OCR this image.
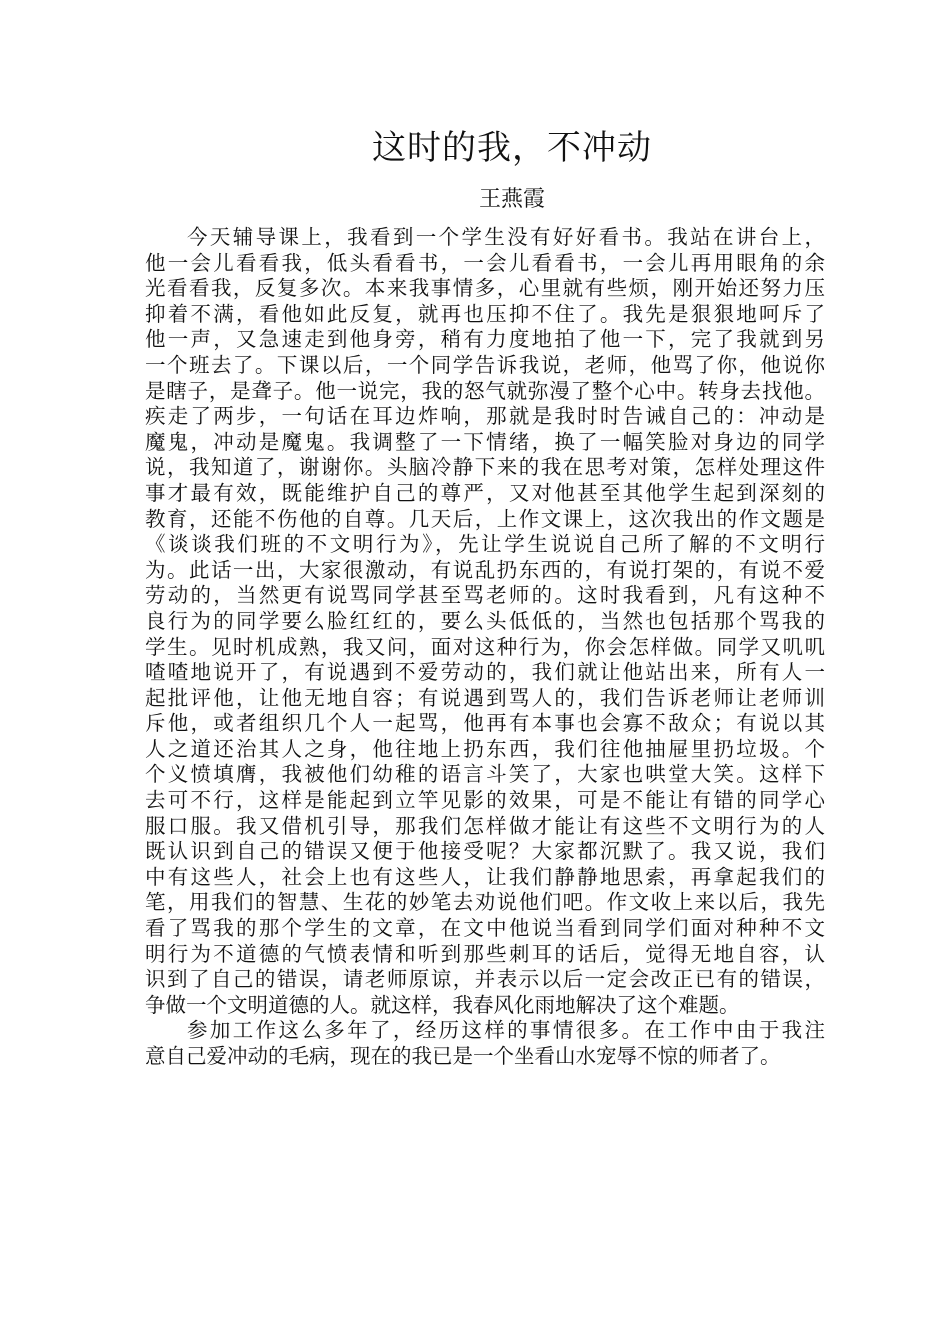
这时的我，不冲动
王燕霞
今天辅导课上，我看到一个学生没有好好看书。我站在讲台上，
他一会儿看看我，低头看看书，一会儿看看书，一会儿再用眼角的余
光看看我，反复多次。本来我事情多，心里就有些烦，刚开始还努力压
抑着不满，看他如此反复，就再也压抑不住了。我先是狠狠地呵斥了
他一声，又急速走到他身旁，稍有力度地拍了他一下，完了我就到另
一个班去了。下课以后，一个同学告诉我说，老师，他骂了你，他说你
是瞎子，是聋子。他一说完，我的怒气就弥漫了整个心中。转身去找他。
疾走了两步，一句话在耳边炸响，那就是我时时告诫自己的：冲动是
魔鬼，冲动是魔鬼。我调整了一下情绪，换了一幅笑脸对身边的同学
说，我知道了，谢谢你。头脑冷静下来的我在思考对策，怎样处理这件
事才最有效，既能维护自己的尊严，又对他甚至其他学生起到深刻的
教育，还能不伤他的自尊。几天后，上作文课上，这次我出的作文题是
《谈谈我们班的不文明行为》，先让学生说说自己所了解的不文明行
为。此话一出，大家很激动，有说乱扔东西的，有说打架的，有说不爱
劳动的，当然更有说骂同学甚至骂老师的。这时我看到，凡有这种不
良行为的同学要么脸红红的，要么头低低的，当然也包括那个骂我的
学生。见时机成熟，我又问，面对这种行为，你会怎样做。同学又叽叽
喳喳地说开了，有说遇到不爱劳动的，我们就让他站出来，所有人一
起批评他，让他无地自容；有说遇到骂人的，我们告诉老师让老师训
斥他，或者组织几个人一起骂，他再有本事也会寡不敌众；有说以其
人之道还治其人之身，他往地上扔东西，我们往他抽屉里扔垃圾。个
个义愤填膺，我被他们幼稚的语言斗笑了，大家也哄堂大笑。这样下
去可不行，这样是能起到立竿见影的效果，可是不能让有错的同学心
服口服。我又借机引导，那我们怎样做才能让有这些不文明行为的人
既认识到自己的错误又便于他接受呢？大家都沉默了。我又说，我们
中有这些人，社会上也有这些人，让我们静静地思索，再拿起我们的
笔，用我们的智慧、生花的妙笔去劝说他们吧。作文收上来以后，我先
看了骂我的那个学生的文章，在文中他说当看到同学们面对种种不文
明行为不道德的气愤表情和听到那些刺耳的话后，觉得无地自容，认
识到了自己的错误，请老师原谅，并表示以后一定会改正已有的错误，
争做一个文明道德的人。就这样，我春风化雨地解决了这个难题。
参加工作这么多年了，经历这样的事情很多。在工作中由于我注
意自己爱冲动的毛病，现在的我已是一个坐看山水宠辱不惊的师者了。
